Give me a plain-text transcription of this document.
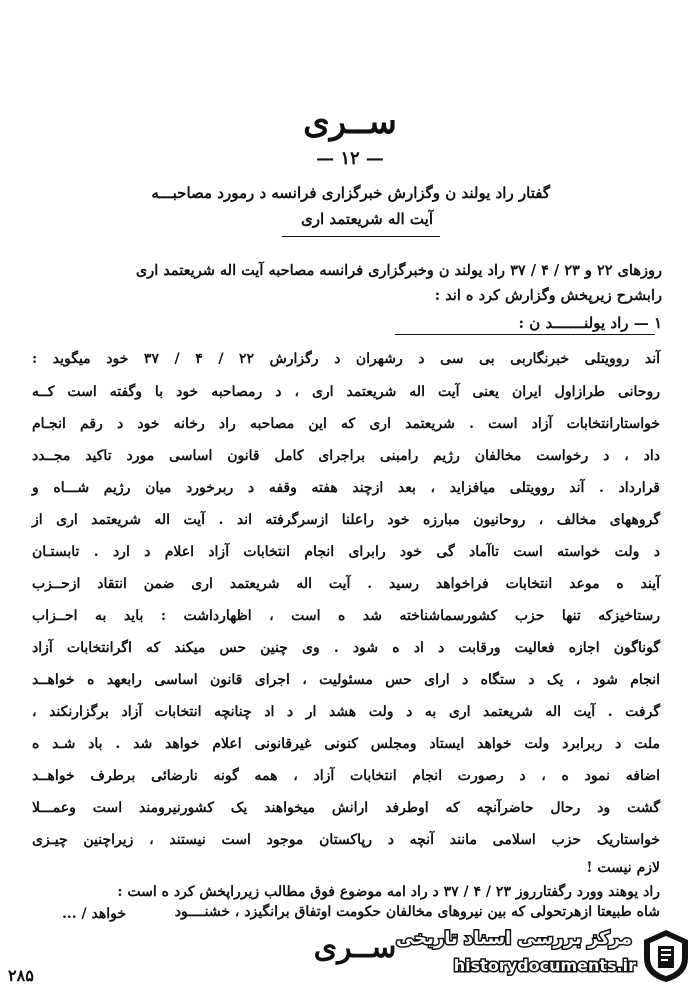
ســری
— ۱۲ —
گفتار راد یولند ن وگزارش خبرگزاری فرانسه د رمورد مصاحبـــه
آیت اله شریعتمد اری
روزهای ۲۲ و ۲۳ / ۴ / ۳۷ راد یولند ن وخبرگزاری فرانسه مصاحبه آیت اله شریعتمد اری
رابشرح زیرپخش وگزارش کرد ه اند :
۱ — راد یولنـــــــد ن :
آند روویتلی خبرنگاربی بی سی د رشهران د رگزارش ۲۲ / ۴ / ۳۷ خود میگوید :
روحانی طرازاول ایران یعنی آیت اله شریعتمد اری ، د رمصاحبه خود با وگفته است کــه
خواستارانتخابات آزاد است . شریعتمد اری که این مصاحبه راد رخانه خود د رقم انجـام
داد ، د رخواست مخالفان رژیم رامبنی براجرای کامل قانون اساسی مورد تاکید مجــدد
قرارداد . آند روویتلی میافزاید ، بعد ازچند هفته وقفه د ربرخورد میان رژیم شـــاه و
گروههای مخالف ، روحانیون مبارزه خود راعلنا ازسرگرفته اند . آیت اله شریعتمد اری از
د ولت خواسته است تاآماد گی خود رابرای انجام انتخابات آزاد اعلام د ارد . تابستـان
آیند ه موعد انتخابات فراخواهد رسید . آیت اله شریعتمد اری ضمن انتقاد ازحــزب
رستاخیزکه تنها حزب کشورسماشناخته شد ه است ، اظهارداشت : باید به احــزاب
گوناگون اجازه فعالیت ورقابت د اد ه شود . وی چنین حس میکند که اگرانتخابات آزاد
انجام شود ، یک د ستگاه د ارای حس مسئولیت ، اجرای قانون اساسی رابعهد ه خواهــد
گرفت . آیت اله شریعتمد اری به د ولت هشد ار د اد چنانچه انتخابات آزاد برگزارنکند ،
ملت د ربرابرد ولت خواهد ایستاد ومجلس کنونی غیرقانونی اعلام خواهد شد . باد شـد ه
اضافه نمود ه ، د رصورت انجام انتخابات آزاد ، همه گونه نارضائی برطرف خواهــد
گشت ود رحال حاضرآنچه که اوطرفد ارانش میخواهند یک کشورنیرومند است وعمـــلا
خواستاریک حزب اسلامی مانند آنچه د رپاکستان موجود است نیستند ، زیراچنین چیـزی
لازم نیست !
راد یوهند وورد رگفتارروز ۲۳ / ۴ / ۳۷ د راد امه موضوع فوق مطالب زیرراپخش کرد ه است :
شاه طبیعتا ازهرتحولی که بین نیروهای مخالفان حکومت اوتفاق برانگیزد ، خشنــــود
خواهد / ...
ســری
۲۸۵
مرکز بررسی اسناد تاریخی
historydocuments.ir
